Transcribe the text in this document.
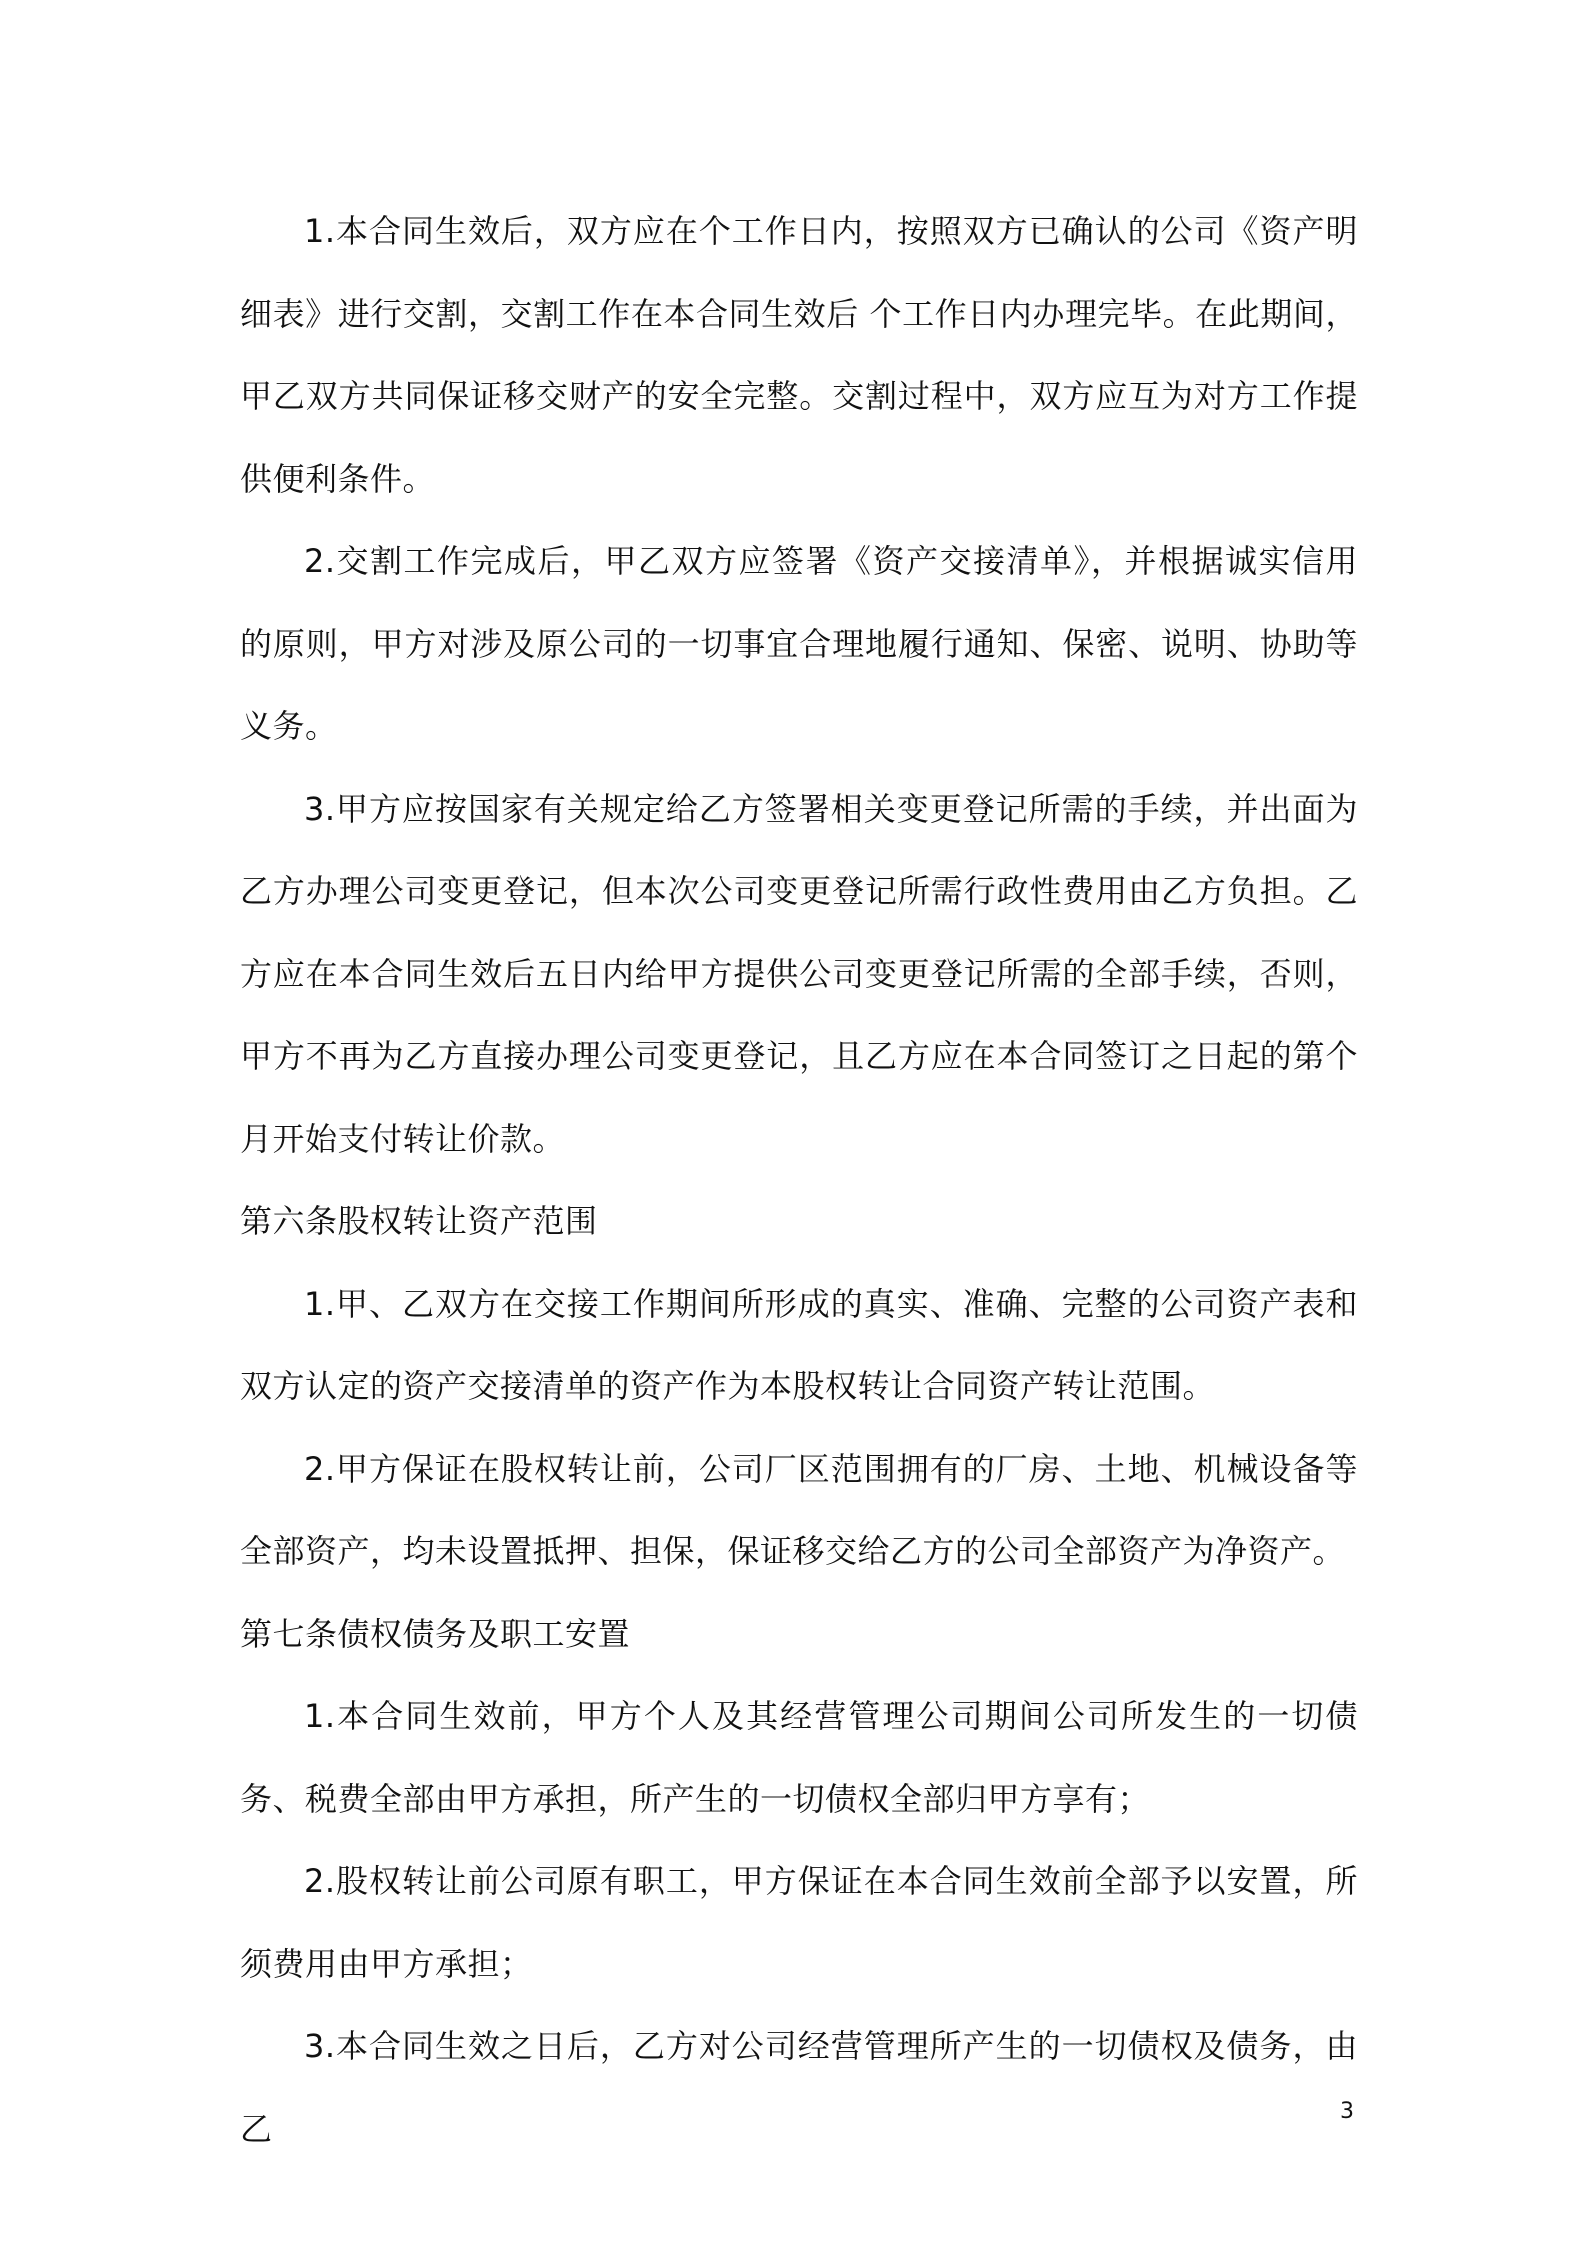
1.本合同生效后，双方应在个工作日内，按照双方已确认的公司《资产明细表》进行交割，交割工作在本合同生效后 个工作日内办理完毕。在此期间，甲乙双方共同保证移交财产的安全完整。交割过程中，双方应互为对方工作提供便利条件。

2.交割工作完成后，甲乙双方应签署《资产交接清单》，并根据诚实信用的原则，甲方对涉及原公司的一切事宜合理地履行通知、保密、说明、协助等义务。

3.甲方应按国家有关规定给乙方签署相关变更登记所需的手续，并出面为乙方办理公司变更登记，但本次公司变更登记所需行政性费用由乙方负担。乙方应在本合同生效后五日内给甲方提供公司变更登记所需的全部手续，否则，甲方不再为乙方直接办理公司变更登记，且乙方应在本合同签订之日起的第个月开始支付转让价款。

第六条股权转让资产范围

1.甲、乙双方在交接工作期间所形成的真实、准确、完整的公司资产表和双方认定的资产交接清单的资产作为本股权转让合同资产转让范围。

2.甲方保证在股权转让前，公司厂区范围拥有的厂房、土地、机械设备等全部资产，均未设置抵押、担保，保证移交给乙方的公司全部资产为净资产。

第七条债权债务及职工安置

1.本合同生效前，甲方个人及其经营管理公司期间公司所发生的一切债务、税费全部由甲方承担，所产生的一切债权全部归甲方享有；

2.股权转让前公司原有职工，甲方保证在本合同生效前全部予以安置，所须费用由甲方承担；

3.本合同生效之日后，乙方对公司经营管理所产生的一切债权及债务，由乙	3
